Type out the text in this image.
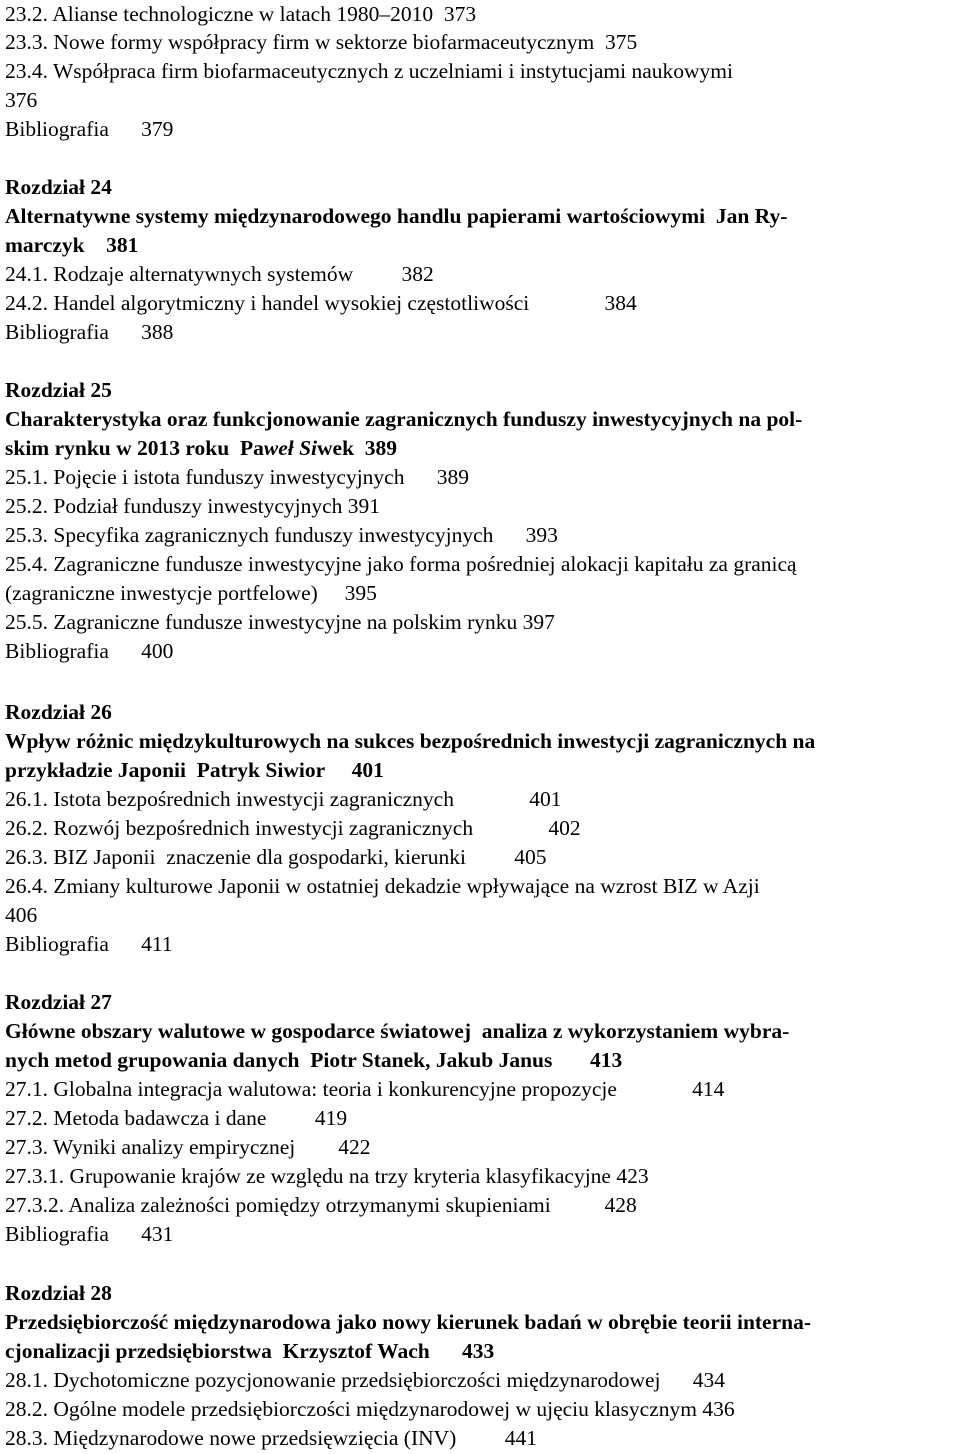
23.2. Alianse technologiczne w latach 1980–2010  373
23.3. Nowe formy współpracy firm w sektorze biofarmaceutycznym  375
23.4. Współpraca firm biofarmaceutycznych z uczelniami i instytucjami naukowymi
376
Bibliografia      379
Rozdział 24
Alternatywne systemy międzynarodowego handlu papierami wartościowymi  Jan Ry-
marczyk    381
24.1. Rodzaje alternatywnych systemów         382
24.2. Handel algorytmiczny i handel wysokiej częstotliwości              384
Bibliografia      388
Rozdział 25
Charakterystyka oraz funkcjonowanie zagranicznych funduszy inwestycyjnych na pol-
skim rynku w 2013 roku  Paweł Siwek  389
25.1. Pojęcie i istota funduszy inwestycyjnych      389
25.2. Podział funduszy inwestycyjnych 391
25.3. Specyfika zagranicznych funduszy inwestycyjnych      393
25.4. Zagraniczne fundusze inwestycyjne jako forma pośredniej alokacji kapitału za granicą
(zagraniczne inwestycje portfelowe)     395
25.5. Zagraniczne fundusze inwestycyjne na polskim rynku 397
Bibliografia      400
Rozdział 26
Wpływ różnic międzykulturowych na sukces bezpośrednich inwestycji zagranicznych na
przykładzie Japonii  Patryk Siwior     401
26.1. Istota bezpośrednich inwestycji zagranicznych              401
26.2. Rozwój bezpośrednich inwestycji zagranicznych              402
26.3. BIZ Japonii  znaczenie dla gospodarki, kierunki         405
26.4. Zmiany kulturowe Japonii w ostatniej dekadzie wpływające na wzrost BIZ w Azji
406
Bibliografia      411
Rozdział 27
Główne obszary walutowe w gospodarce światowej  analiza z wykorzystaniem wybra-
nych metod grupowania danych  Piotr Stanek, Jakub Janus       413
27.1. Globalna integracja walutowa: teoria i konkurencyjne propozycje              414
27.2. Metoda badawcza i dane         419
27.3. Wyniki analizy empirycznej        422
27.3.1. Grupowanie krajów ze względu na trzy kryteria klasyfikacyjne 423
27.3.2. Analiza zależności pomiędzy otrzymanymi skupieniami          428
Bibliografia      431
Rozdział 28
Przedsiębiorczość międzynarodowa jako nowy kierunek badań w obrębie teorii interna-
cjonalizacji przedsiębiorstwa  Krzysztof Wach      433
28.1. Dychotomiczne pozycjonowanie przedsiębiorczości międzynarodowej      434
28.2. Ogólne modele przedsiębiorczości międzynarodowej w ujęciu klasycznym 436
28.3. Międzynarodowe nowe przedsięwzięcia (INV)         441
